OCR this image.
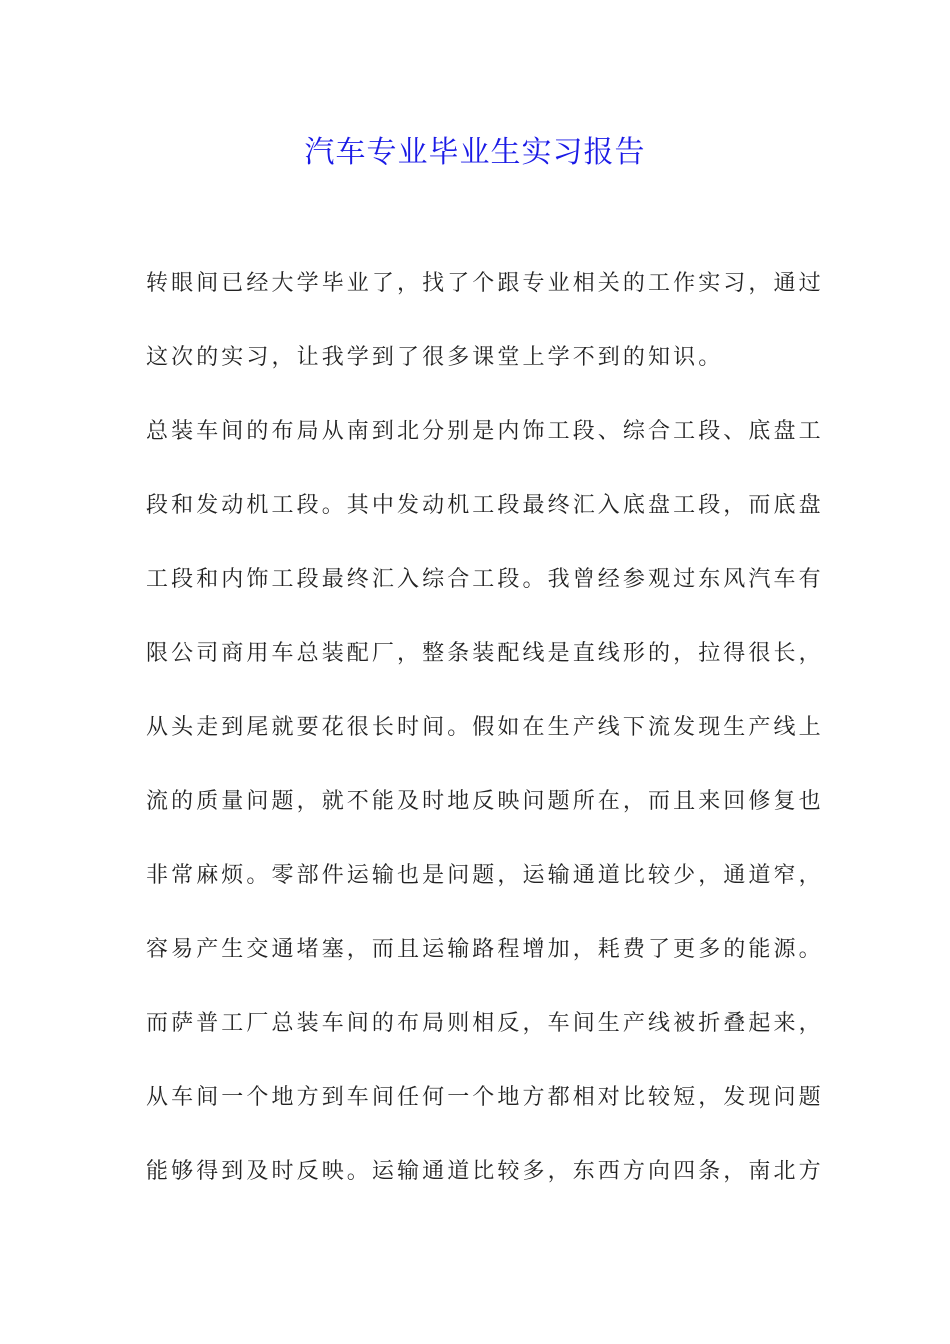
汽车专业毕业生实习报告
转眼间已经大学毕业了，找了个跟专业相关的工作实习，通过
这次的实习，让我学到了很多课堂上学不到的知识。
总装车间的布局从南到北分别是内饰工段、综合工段、底盘工
段和发动机工段。其中发动机工段最终汇入底盘工段，而底盘
工段和内饰工段最终汇入综合工段。我曾经参观过东风汽车有
限公司商用车总装配厂，整条装配线是直线形的，拉得很长，
从头走到尾就要花很长时间。假如在生产线下流发现生产线上
流的质量问题，就不能及时地反映问题所在，而且来回修复也
非常麻烦。零部件运输也是问题，运输通道比较少，通道窄，
容易产生交通堵塞，而且运输路程增加，耗费了更多的能源。
而萨普工厂总装车间的布局则相反，车间生产线被折叠起来，
从车间一个地方到车间任何一个地方都相对比较短，发现问题
能够得到及时反映。运输通道比较多，东西方向四条，南北方
